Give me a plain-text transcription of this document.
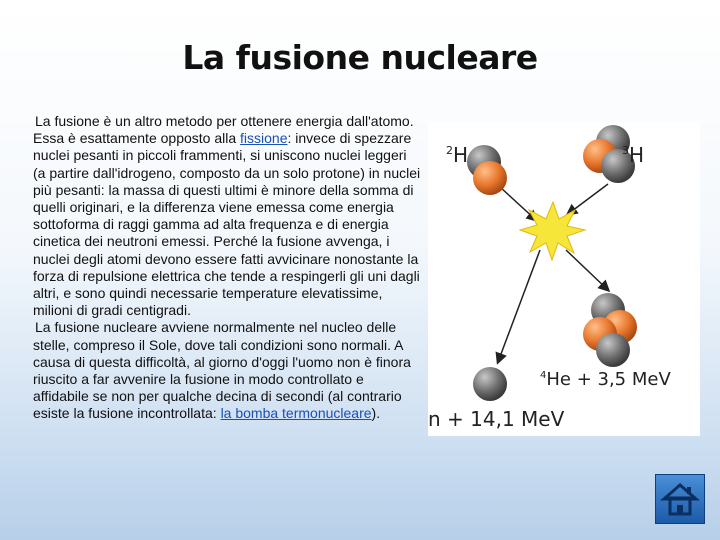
La fusione nucleare

La fusione è un altro metodo per ottenere energia dall'atomo. Essa è esattamente opposto alla fissione: invece di spezzare nuclei pesanti in piccoli frammenti, si uniscono nuclei leggeri (a partire dall'idrogeno, composto da un solo protone) in nuclei più pesanti: la massa di questi ultimi è minore della somma di quelli originari, e la differenza viene emessa come energia sottoforma di raggi gamma ad alta frequenza e di energia cinetica dei neutroni emessi. Perché la fusione avvenga, i nuclei degli atomi devono essere fatti avvicinare nonostante la forza di repulsione elettrica che tende a respingerli gli uni dagli altri, e sono quindi necessarie temperature elevatissime, milioni di gradi centigradi.

La fusione nucleare avviene normalmente nel nucleo delle stelle, compreso il Sole, dove tali condizioni sono normali. A causa di questa difficoltà, al giorno d'oggi l'uomo non è finora riuscito a far avvenire la fusione in modo controllato e affidabile se non per qualche decina di secondi (al contrario esiste la fusione incontrollata: la bomba termonucleare).

$^2$H	$^3$H
$^4$He + 3,5 MeV
n + 14,1 MeV
